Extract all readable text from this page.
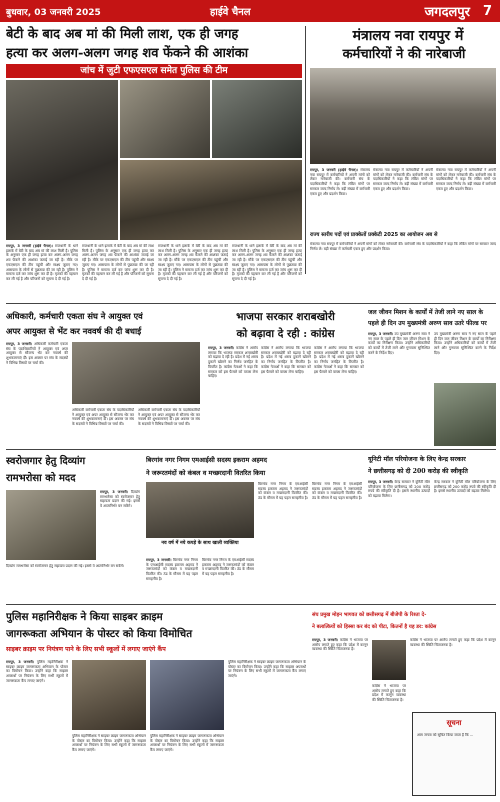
बुधवार, 03 जनवरी 2025	हाईवे चैनल	जगदलपुर 7
बेटी के बाद अब मां की मिली लाश, एक ही जगह
हत्या कर अलग-अलग जगह शव फेंकने की आशंका
जांच में जुटी एफएसएल समेत पुलिस की टीम
रायपुर, 3 जनवरी (हाईवे चैनल)। राजधानी के थाने इलाके में बेटी के बाद अब मां की लाश मिली है। पुलिस के अनुसार एक ही जगह हत्या कर अलग-अलग जगह शव फेंकने की आशंका जताई जा रही है। मौके पर एफएसएल की टीम पहुंची और साक्ष्य जुटाए गए। आसपास के लोगों से पूछताछ की जा रही है। पुलिस ने मामला दर्ज कर जांच शुरू कर दी है। मृतकों की पहचान कर ली गई है और परिजनों को सूचना दे दी गई है।
राजधानी के थाने इलाके में बेटी के बाद अब मां की लाश मिली है। पुलिस के अनुसार एक ही जगह हत्या कर अलग-अलग जगह शव फेंकने की आशंका जताई जा रही है। मौके पर एफएसएल की टीम पहुंची और साक्ष्य जुटाए गए। आसपास के लोगों से पूछताछ की जा रही है। पुलिस ने मामला दर्ज कर जांच शुरू कर दी है। मृतकों की पहचान कर ली गई है और परिजनों को सूचना दे दी गई है।
राजधानी के थाने इलाके में बेटी के बाद अब मां की लाश मिली है। पुलिस के अनुसार एक ही जगह हत्या कर अलग-अलग जगह शव फेंकने की आशंका जताई जा रही है। मौके पर एफएसएल की टीम पहुंची और साक्ष्य जुटाए गए। आसपास के लोगों से पूछताछ की जा रही है। पुलिस ने मामला दर्ज कर जांच शुरू कर दी है। मृतकों की पहचान कर ली गई है और परिजनों को सूचना दे दी गई है।
राजधानी के थाने इलाके में बेटी के बाद अब मां की लाश मिली है। पुलिस के अनुसार एक ही जगह हत्या कर अलग-अलग जगह शव फेंकने की आशंका जताई जा रही है। मौके पर एफएसएल की टीम पहुंची और साक्ष्य जुटाए गए। आसपास के लोगों से पूछताछ की जा रही है। पुलिस ने मामला दर्ज कर जांच शुरू कर दी है। मृतकों की पहचान कर ली गई है और परिजनों को सूचना दे दी गई है।
मंत्रालय नवा रायपुर में
कर्मचारियों ने की नारेबाजी
रायपुर, 3 जनवरी (हाईवे चैनल)। मंत्रालय नवा रायपुर में कर्मचारियों ने अपनी मांगों को लेकर नारेबाजी की। कर्मचारी संघ के पदाधिकारियों ने कहा कि लंबित मांगों पर सरकार जल्द निर्णय ले। बड़ी संख्या में कर्मचारी एकत्र हुए और प्रदर्शन किया।
मंत्रालय नवा रायपुर में कर्मचारियों ने अपनी मांगों को लेकर नारेबाजी की। कर्मचारी संघ के पदाधिकारियों ने कहा कि लंबित मांगों पर सरकार जल्द निर्णय ले। बड़ी संख्या में कर्मचारी एकत्र हुए और प्रदर्शन किया।
मंत्रालय नवा रायपुर में कर्मचारियों ने अपनी मांगों को लेकर नारेबाजी की। कर्मचारी संघ के पदाधिकारियों ने कहा कि लंबित मांगों पर सरकार जल्द निर्णय ले। बड़ी संख्या में कर्मचारी एकत्र हुए और प्रदर्शन किया।
राज्य स्तरीय पदों एवं प्राक्केतों प्रक्केटी 2025 का आयोजन अब से
मंत्रालय नवा रायपुर में कर्मचारियों ने अपनी मांगों को लेकर नारेबाजी की। कर्मचारी संघ के पदाधिकारियों ने कहा कि लंबित मांगों पर सरकार जल्द निर्णय ले। बड़ी संख्या में कर्मचारी एकत्र हुए और प्रदर्शन किया।
अधिकारी, कर्मचारी एकता संघ ने आयुक्त एवं
अपर आयुक्त से भेंट कर नववर्ष की दी बधाई
रायपुर, 3 जनवरी। अधिकारी कर्मचारी एकता संघ के पदाधिकारियों ने आयुक्त एवं अपर आयुक्त से सौजन्य भेंट कर नववर्ष की शुभकामनाएं दीं। इस अवसर पर संघ के सदस्यों ने विभिन्न विषयों पर चर्चा की।
अधिकारी कर्मचारी एकता संघ के पदाधिकारियों ने आयुक्त एवं अपर आयुक्त से सौजन्य भेंट कर नववर्ष की शुभकामनाएं दीं। इस अवसर पर संघ के सदस्यों ने विभिन्न विषयों पर चर्चा की।
अधिकारी कर्मचारी एकता संघ के पदाधिकारियों ने आयुक्त एवं अपर आयुक्त से सौजन्य भेंट कर नववर्ष की शुभकामनाएं दीं। इस अवसर पर संघ के सदस्यों ने विभिन्न विषयों पर चर्चा की।
भाजपा सरकार शराबखोरी
को बढ़ावा दे रही : कांग्रेस
रायपुर, 3 जनवरी। कांग्रेस ने आरोप लगाया कि भाजपा सरकार शराबखोरी को बढ़ावा दे रही है। प्रदेश में नई शराब दुकानें खोलने का निर्णय जनहित के विपरीत है। कांग्रेस नेताओं ने कहा कि सरकार को इस फैसले को वापस लेना चाहिए।
कांग्रेस ने आरोप लगाया कि भाजपा सरकार शराबखोरी को बढ़ावा दे रही है। प्रदेश में नई शराब दुकानें खोलने का निर्णय जनहित के विपरीत है। कांग्रेस नेताओं ने कहा कि सरकार को इस फैसले को वापस लेना चाहिए।
कांग्रेस ने आरोप लगाया कि भाजपा सरकार शराबखोरी को बढ़ावा दे रही है। प्रदेश में नई शराब दुकानें खोलने का निर्णय जनहित के विपरीत है। कांग्रेस नेताओं ने कहा कि सरकार को इस फैसले को वापस लेना चाहिए।
जल जीवन मिशन के कार्यों में तेजी लाने नए साल के
पहले ही दिन उप मुख्यमंत्री अरुण साव उतरे फील्ड पर
रायपुर, 3 जनवरी। उप मुख्यमंत्री अरुण साव ने नए साल के पहले ही दिन जल जीवन मिशन के कार्यों का निरीक्षण किया। उन्होंने अधिकारियों को कार्यों में तेजी लाने और गुणवत्ता सुनिश्चित करने के निर्देश दिए।
उप मुख्यमंत्री अरुण साव ने नए साल के पहले ही दिन जल जीवन मिशन के कार्यों का निरीक्षण किया। उन्होंने अधिकारियों को कार्यों में तेजी लाने और गुणवत्ता सुनिश्चित करने के निर्देश दिए।
स्वरोजगार हेतु दिव्यांग
रामभरोसा को मदद
रायपुर, 3 जनवरी। दिव्यांग रामभरोसा को स्वरोजगार हेतु सहायता प्रदान की गई। इससे वे आत्मनिर्भर बन सकेंगे।
दिव्यांग रामभरोसा को स्वरोजगार हेतु सहायता प्रदान की गई। इससे वे आत्मनिर्भर बन सकेंगे।
बिरगांव नगर निगम एमआईसी सदस्य इकराम अहमद
ने जरूरतमंदों को कंबल व मच्छरदानी वितरित किया
नव वर्ष में नये कपड़े के साथ खाली व्यक्तिया
रायपुर, 3 जनवरी। बिरगांव नगर निगम के एमआईसी सदस्य इकराम अहमद ने जरूरतमंदों को कंबल व मच्छरदानी वितरित की। ठंड के मौसम में यह पहल सराहनीय है।
बिरगांव नगर निगम के एमआईसी सदस्य इकराम अहमद ने जरूरतमंदों को कंबल व मच्छरदानी वितरित की। ठंड के मौसम में यह पहल सराहनीय है।
बिरगांव नगर निगम के एमआईसी सदस्य इकराम अहमद ने जरूरतमंदों को कंबल व मच्छरदानी वितरित की। ठंड के मौसम में यह पहल सराहनीय है।
बिरगांव नगर निगम के एमआईसी सदस्य इकराम अहमद ने जरूरतमंदों को कंबल व मच्छरदानी वितरित की। ठंड के मौसम में यह पहल सराहनीय है।
यूनिटी मॉल परियोजना के लिए केन्द्र सरकार
ने छत्तीसगढ़ को दी 200 करोड़ की स्वीकृति
रायपुर, 3 जनवरी। केन्द्र सरकार ने यूनिटी मॉल परियोजना के लिए छत्तीसगढ़ को 200 करोड़ रुपये की स्वीकृति दी है। इससे स्थानीय उत्पादों को बढ़ावा मिलेगा।
केन्द्र सरकार ने यूनिटी मॉल परियोजना के लिए छत्तीसगढ़ को 200 करोड़ रुपये की स्वीकृति दी है। इससे स्थानीय उत्पादों को बढ़ावा मिलेगा।
पुलिस महानिरीक्षक ने किया साइबर क्राइम
जागरूकता अभियान के पोस्टर को किया विमोचित
साइबर क्राइम पर नियंत्रण पाने के लिए सभी स्कूलों में लगाए जाएंगे कैंप
रायपुर, 3 जनवरी। पुलिस महानिरीक्षक ने साइबर क्राइम जागरूकता अभियान के पोस्टर का विमोचन किया। उन्होंने कहा कि साइबर अपराधों पर नियंत्रण के लिए सभी स्कूलों में जागरूकता कैंप लगाए जाएंगे।
पुलिस महानिरीक्षक ने साइबर क्राइम जागरूकता अभियान के पोस्टर का विमोचन किया। उन्होंने कहा कि साइबर अपराधों पर नियंत्रण के लिए सभी स्कूलों में जागरूकता कैंप लगाए जाएंगे।
पुलिस महानिरीक्षक ने साइबर क्राइम जागरूकता अभियान के पोस्टर का विमोचन किया। उन्होंने कहा कि साइबर अपराधों पर नियंत्रण के लिए सभी स्कूलों में जागरूकता कैंप लगाए जाएंगे।
पुलिस महानिरीक्षक ने साइबर क्राइम जागरूकता अभियान के पोस्टर का विमोचन किया। उन्होंने कहा कि साइबर अपराधों पर नियंत्रण के लिए सभी स्कूलों में जागरूकता कैंप लगाए जाएंगे।
संघ प्रमुख मोहन भागवत को छत्तीसगढ़ में बीजेपी के रिश्ता दे-
ने बलात्कियों को हिस्सा कर बंद को पीटा, कितनों है यह डर: कांग्रेस
रायपुर, 3 जनवरी। कांग्रेस ने भाजपा पर आरोप लगाते हुए कहा कि प्रदेश में कानून व्यवस्था की स्थिति चिंताजनक है।
कांग्रेस ने भाजपा पर आरोप लगाते हुए कहा कि प्रदेश में कानून व्यवस्था की स्थिति चिंताजनक है।
कांग्रेस ने भाजपा पर आरोप लगाते हुए कहा कि प्रदेश में कानून व्यवस्था की स्थिति चिंताजनक है।
सूचना
आम जनता को सूचित किया जाता है कि ...
